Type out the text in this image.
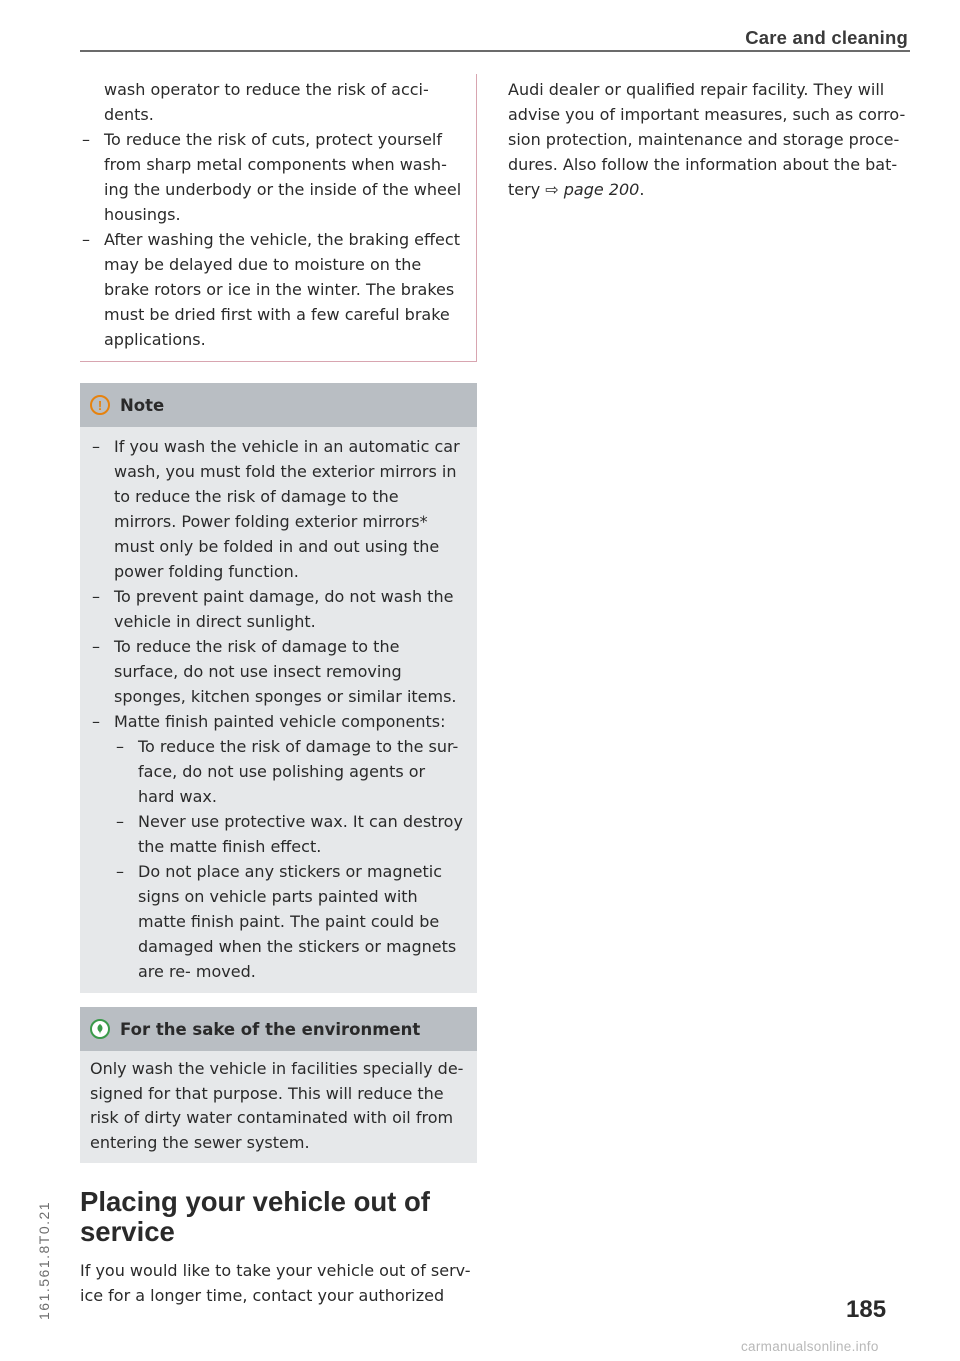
Care and cleaning

wash operator to reduce the risk of acci- dents.

– To reduce the risk of cuts, protect yourself from sharp metal components when wash- ing the underbody or the inside of the wheel housings.
– After washing the vehicle, the braking effect may be delayed due to moisture on the brake rotors or ice in the winter. The brakes must be dried first with a few careful brake applications.
!	Note
– If you wash the vehicle in an automatic car wash, you must fold the exterior mirrors in to reduce the risk of damage to the mirrors. Power folding exterior mirrors* must only be folded in and out using the power folding function.
– To prevent paint damage, do not wash the vehicle in direct sunlight.
– To reduce the risk of damage to the surface, do not use insect removing sponges, kitchen sponges or similar items.
– Matte finish painted vehicle components:
– To reduce the risk of damage to the sur- face, do not use polishing agents or hard wax.
– Never use protective wax. It can destroy the matte finish effect.
– Do not place any stickers or magnetic signs on vehicle parts painted with matte finish paint. The paint could be damaged when the stickers or magnets are re- moved.
For the sake of the environment

Only wash the vehicle in facilities specially de- signed for that purpose. This will reduce the risk of dirty water contaminated with oil from entering the sewer system.

Placing your vehicle out of service

If you would like to take your vehicle out of serv- ice for a longer time, contact your authorized

Audi dealer or qualified repair facility. They will advise you of important measures, such as corro- sion protection, maintenance and storage proce- dures. Also follow the information about the bat- tery ⇨ page 200.

161.561.8T0.21	185
carmanualsonline.info
